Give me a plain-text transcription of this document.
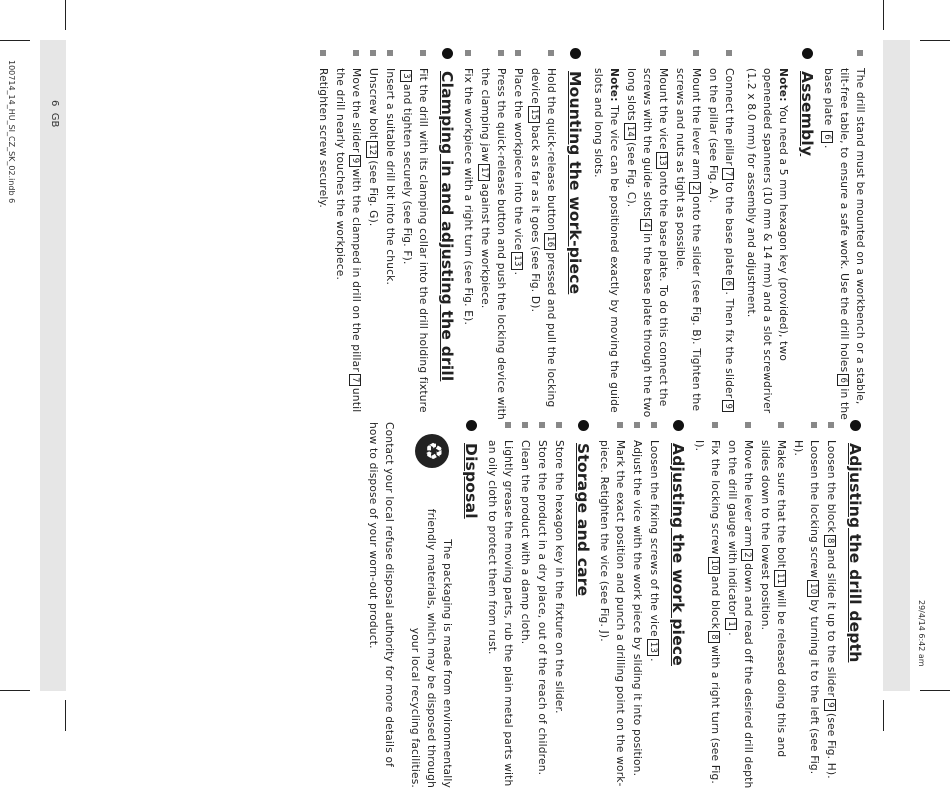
100714_14_HU_SI_CZ_SK_02.indb 6
29/4/14 6:42 am
6  GB	The drill stand must be mounted on a workbench or a stable, tilt-free table, to ensure a safe work. Use the drill holes6in the base plate 6.
Assembly
Note: You need a 5 mm hexagon key (provided), two openended spanners (10 mm & 14 mm) and a slot screwdriver (1.2 x 8.0 mm) for assembly and adjustment.
Connect the pillar7to the base plate6. Then fix the slider9on the pillar (see Fig. A).
Mount the lever arm2onto the slider (see Fig. B). Tighten the screws and nuts as tight as possible.
Mount the vice13onto the base plate. To do this connect the screws with the guide slots4in the base plate through the two long slots14(see Fig. C).
Note: The vice can be positioned exactly by moving the guide slots and long slots.
Mounting the work-piece
Hold the quick-release button16pressed and pull the locking device15back as far as it goes (see Fig. D).
Place the workpiece into the vice13.
Press the quick-release button and push the locking device with the clamping jaw17against the workpiece.
Fix the workpiece with a right turn (see Fig. E).
Clamping in and adjusting the drill
Fit the drill with its clamping collar into the drill holding fixture3and tighten securely (see Fig. F).
Insert a suitable drill bit into the chuck.
Unscrew bolt12(see Fig. G).
Move the slider9with the clamped in drill on the pillar7until the drill nearly touches the workpiece.
Retighten screw securely.
Adjusting the drill depth
Loosen the block8and slide it up to the slider9(see Fig. H).
Loosen the locking screw10by turning it to the left (see Fig. H).
Make sure that the bolt11will be released doing this and slides down to the lowest position.
Move the lever arm2down and read off the desired drill depth on the drill gauge with indicator1.
Fix the locking screw10and block8with a right turn (see Fig. I).
Adjusting the work piece
Loosen the fixing screws of the vice13.
Adjust the vice with the work piece by sliding it into position.
Mark the exact position and punch a drilling point on the work-piece. Retighten the vice (see Fig. J).
Storage and care
Store the hexagon key in the fixture on the slider.
Store the product in a dry place, out of the reach of children.
Clean the product with a damp cloth.
Lightly grease the moving parts, rub the plain metal parts with an oily cloth to protect them from rust.
Disposal
♻
The packaging is made from environmentally friendly materials, which may be disposed through your local recycling facilities.
Contact your local refuse disposal authority for more details of how to dispose of your worn-out product.
